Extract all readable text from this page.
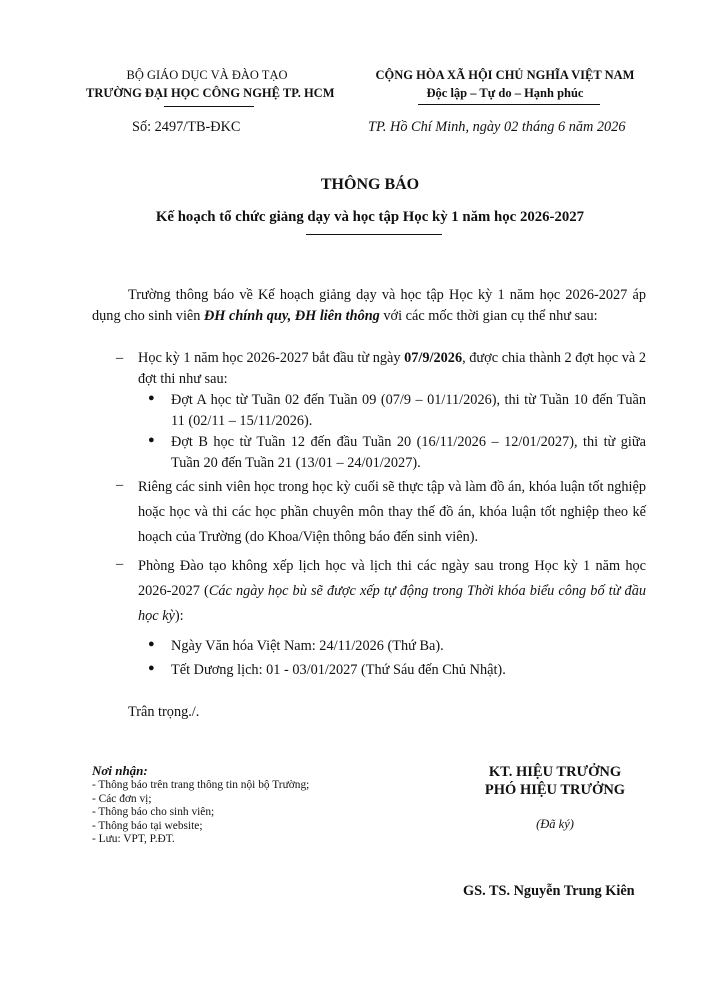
BỘ GIÁO DỤC VÀ ĐÀO TẠO
TRƯỜNG ĐẠI HỌC CÔNG NGHỆ TP. HCM
CỘNG HÒA XÃ HỘI CHỦ NGHĨA VIỆT NAM
Độc lập – Tự do – Hạnh phúc
Số: 2497/TB-ĐKC	TP. Hồ Chí Minh, ngày 02 tháng 6 năm 2026
THÔNG BÁO
Kế hoạch tổ chức giảng dạy và học tập Học kỳ 1 năm học 2026-2027
Trường thông báo về Kế hoạch giảng dạy và học tập Học kỳ 1 năm học 2026-2027 áp dụng cho sinh viên ĐH chính quy, ĐH liên thông với các mốc thời gian cụ thể như sau:
– Học kỳ 1 năm học 2026-2027 bắt đầu từ ngày 07/9/2026, được chia thành 2 đợt học và 2 đợt thi như sau:
● Đợt A học từ Tuần 02 đến Tuần 09 (07/9 – 01/11/2026), thi từ Tuần 10 đến Tuần 11 (02/11 – 15/11/2026).
● Đợt B học từ Tuần 12 đến đầu Tuần 20 (16/11/2026 – 12/01/2027), thi từ giữa Tuần 20 đến Tuần 21 (13/01 – 24/01/2027).
– Riêng các sinh viên học trong học kỳ cuối sẽ thực tập và làm đồ án, khóa luận tốt nghiệp hoặc học và thi các học phần chuyên môn thay thế đồ án, khóa luận tốt nghiệp theo kế hoạch của Trường (do Khoa/Viện thông báo đến sinh viên).
– Phòng Đào tạo không xếp lịch học và lịch thi các ngày sau trong Học kỳ 1 năm học 2026-2027 (Các ngày học bù sẽ được xếp tự động trong Thời khóa biểu công bố từ đầu học kỳ):
● Ngày Văn hóa Việt Nam: 24/11/2026 (Thứ Ba).
● Tết Dương lịch: 01 - 03/01/2027 (Thứ Sáu đến Chủ Nhật).
Trân trọng./.
Nơi nhận:
- Thông báo trên trang thông tin nội bộ Trường;
- Các đơn vị;
- Thông báo cho sinh viên;
- Thông báo tại website;
- Lưu: VPT, P.ĐT.
KT. HIỆU TRƯỞNG
PHÓ HIỆU TRƯỞNG
(Đã ký)
GS. TS. Nguyễn Trung Kiên
